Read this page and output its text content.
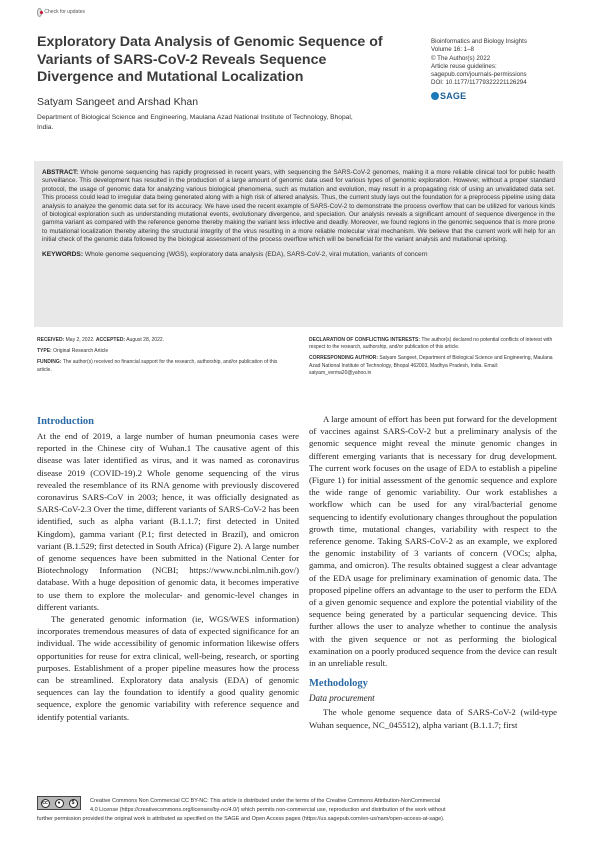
Check for updates
Exploratory Data Analysis of Genomic Sequence of Variants of SARS-CoV-2 Reveals Sequence Divergence and Mutational Localization
Satyam Sangeet and Arshad Khan
Department of Biological Science and Engineering, Maulana Azad National Institute of Technology, Bhopal, India.
Bioinformatics and Biology Insights
Volume 16: 1–8
© The Author(s) 2022
Article reuse guidelines:
sagepub.com/journals-permissions
DOI: 10.1177/11779322221126294
SAGE
ABSTRACT: Whole genome sequencing has rapidly progressed in recent years, with sequencing the SARS-CoV-2 genomes, making it a more reliable clinical tool for public health surveillance. This development has resulted in the production of a large amount of genomic data used for various types of genomic exploration. However, without a proper standard protocol, the usage of genomic data for analyzing various biological phenomena, such as mutation and evolution, may result in a propagating risk of using an unvalidated data set. This process could lead to irregular data being generated along with a high risk of altered analysis. Thus, the current study lays out the foundation for a preprocess pipeline using data analysis to analyze the genomic data set for its accuracy. We have used the recent example of SARS-CoV-2 to demonstrate the process overflow that can be utilized for various kinds of biological exploration such as understanding mutational events, evolutionary divergence, and speciation. Our analysis reveals a significant amount of sequence divergence in the gamma variant as compared with the reference genome thereby making the variant less infective and deadly. Moreover, we found regions in the genomic sequence that is more prone to mutational localization thereby altering the structural integrity of the virus resulting in a more reliable molecular viral mechanism. We believe that the current work will help for an initial check of the genomic data followed by the biological assessment of the process overflow which will be beneficial for the variant analysis and mutational uprising.
KEYWORDS: Whole genome sequencing (WGS), exploratory data analysis (EDA), SARS-CoV-2, viral mutation, variants of concern

RECEIVED: May 2, 2022. ACCEPTED: August 28, 2022.

TYPE: Original Research Article

FUNDING: The author(s) received no financial support for the research, authorship, and/or publication of this article.

DECLARATION OF CONFLICTING INTERESTS: The author(s) declared no potential conflicts of interest with respect to the research, authorship, and/or publication of this article.

CORRESPONDING AUTHOR: Satyam Sangeet, Department of Biological Science and Engineering, Maulana Azad National Institute of Technology, Bhopal 462003, Madhya Pradesh, India. Email: satyam_verma20@yahoo.in

Introduction

At the end of 2019, a large number of human pneumonia cases were reported in the Chinese city of Wuhan.1 The causative agent of this disease was later identified as virus, and it was named as coronavirus disease 2019 (COVID-19).2 Whole genome sequencing of the virus revealed the resemblance of its RNA genome with previously discovered coronavirus SARS-CoV in 2003; hence, it was officially designated as SARS-CoV-2.3 Over the time, different variants of SARS-CoV-2 has been identified, such as alpha variant (B.1.1.7; first detected in United Kingdom), gamma variant (P.1; first detected in Brazil), and omicron variant (B.1.529; first detected in South Africa) (Figure 2). A large number of genome sequences have been submitted in the National Center for Biotechnology Information (NCBI; https://www.ncbi.nlm.nih.gov/) database. With a huge deposition of genomic data, it becomes imperative to use them to explore the molecular- and genomic-level changes in different variants.

The generated genomic information (ie, WGS/WES information) incorporates tremendous measures of data of expected significance for an individual. The wide accessibility of genomic information likewise offers opportunities for reuse for extra clinical, well-being, research, or sporting purposes. Establishment of a proper pipeline measures how the process can be streamlined. Exploratory data analysis (EDA) of genomic sequences can lay the foundation to identify a good quality genomic sequence, explore the genomic variability with reference sequence and identify potential variants.

A large amount of effort has been put forward for the development of vaccines against SARS-CoV-2 but a preliminary analysis of the genomic sequence might reveal the minute genomic changes in different emerging variants that is necessary for drug development. The current work focuses on the usage of EDA to establish a pipeline (Figure 1) for initial assessment of the genomic sequence and explore the wide range of genomic variability. Our work establishes a workflow which can be used for any viral/bacterial genome sequencing to identify evolutionary changes throughout the population growth time, mutational changes, variability with respect to the reference genome. Taking SARS-CoV-2 as an example, we explored the genomic instability of 3 variants of concern (VOCs; alpha, gamma, and omicron). The results obtained suggest a clear advantage of the EDA usage for preliminary examination of genomic data. The proposed pipeline offers an advantage to the user to perform the EDA of a given genomic sequence and explore the potential viability of the sequence being generated by a particular sequencing device. This further allows the user to analyze whether to continue the analysis with the given sequence or not as performing the biological examination on a poorly produced sequence from the device can result in an unreliable result.

Methodology
Data procurement

The whole genome sequence data of SARS-CoV-2 (wild-type Wuhan sequence, NC_045512), alpha variant (B.1.1.7; first

cc	●	$	Creative Commons Non Commercial CC BY-NC: This article is distributed under the terms of the Creative Commons Attribution-NonCommercial
4.0 License (https://creativecommons.org/licenses/by-nc/4.0/) which permits non-commercial use, reproduction and distribution of the work without
further permission provided the original work is attributed as specified on the SAGE and Open Access pages (https://us.sagepub.com/en-us/nam/open-access-at-sage).
